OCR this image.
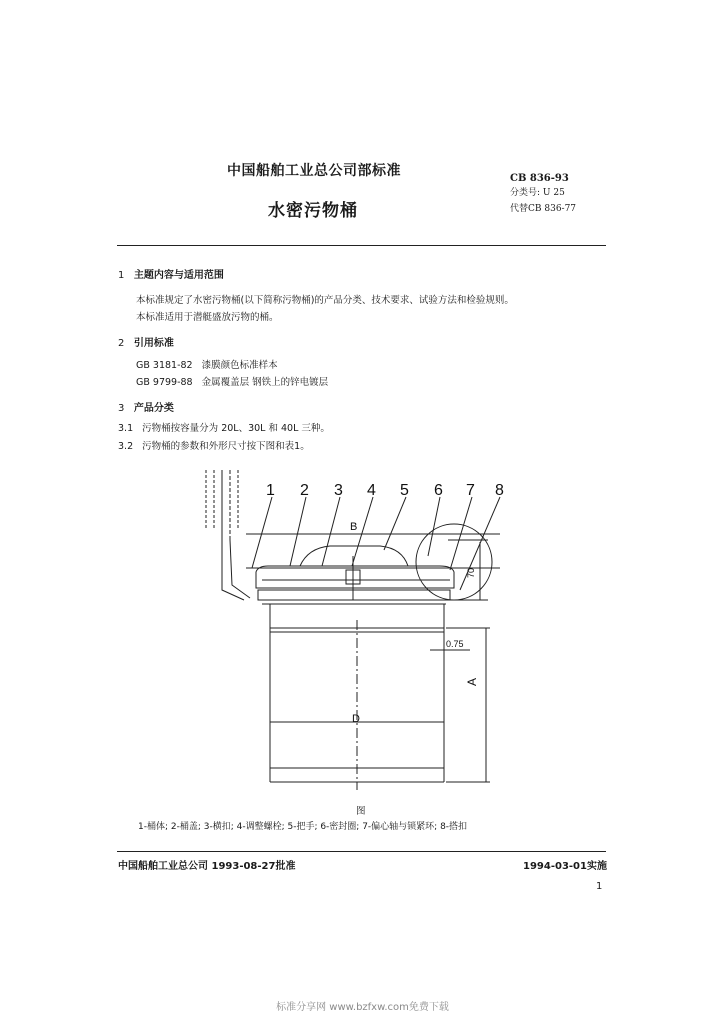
中国船舶工业总公司部标准
水密污物桶
CB 836-93
分类号: U 25
代替CB 836-77
1 主题内容与适用范围
本标准规定了水密污物桶(以下简称污物桶)的产品分类、技术要求、试验方法和检验规则。
本标准适用于潜艇盛放污物的桶。
2 引用标准
GB 3181-82 漆膜颜色标准样本
GB 9799-88 金属覆盖层 钢铁上的锌电镀层
3 产品分类
3.1 污物桶按容量分为 20L、30L 和 40L 三种。
3.2 污物桶的参数和外形尺寸按下图和表1。
1 2 3 4 5 6 7 8
B
D
A
70
0.75
图
1-桶体; 2-桶盖; 3-横扣; 4-调整螺栓; 5-把手; 6-密封圈; 7-偏心轴与锁紧环; 8-搭扣
中国船舶工业总公司 1993-08-27批准	1994-03-01实施
1
标准分享网 www.bzfxw.com免费下载
